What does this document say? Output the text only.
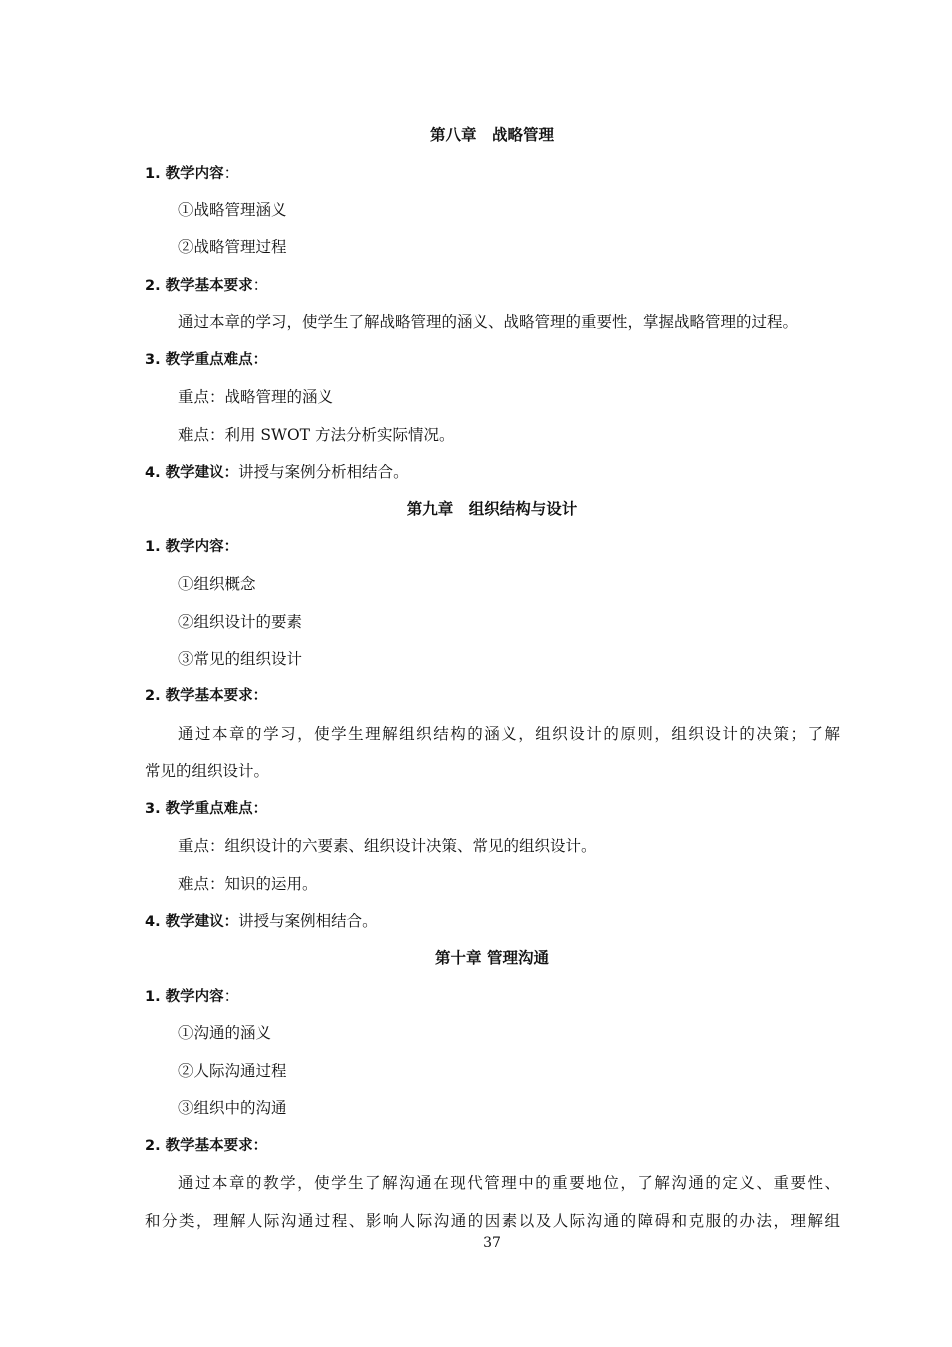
第八章　战略管理
1. 教学内容：
①战略管理涵义
②战略管理过程
2. 教学基本要求：
通过本章的学习，使学生了解战略管理的涵义、战略管理的重要性，掌握战略管理的过程。
3. 教学重点难点：
重点：战略管理的涵义
难点：利用 SWOT 方法分析实际情况。
4. 教学建议：讲授与案例分析相结合。
第九章　组织结构与设计
1. 教学内容：
①组织概念
②组织设计的要素
③常见的组织设计
2. 教学基本要求：
通过本章的学习，使学生理解组织结构的涵义，组织设计的原则，组织设计的决策；了解
常见的组织设计。
3. 教学重点难点：
重点：组织设计的六要素、组织设计决策、常见的组织设计。
难点：知识的运用。
4. 教学建议：讲授与案例相结合。
第十章 管理沟通
1. 教学内容：
①沟通的涵义
②人际沟通过程
③组织中的沟通
2. 教学基本要求：
通过本章的教学，使学生了解沟通在现代管理中的重要地位，了解沟通的定义、重要性、
和分类，理解人际沟通过程、影响人际沟通的因素以及人际沟通的障碍和克服的办法，理解组
37
